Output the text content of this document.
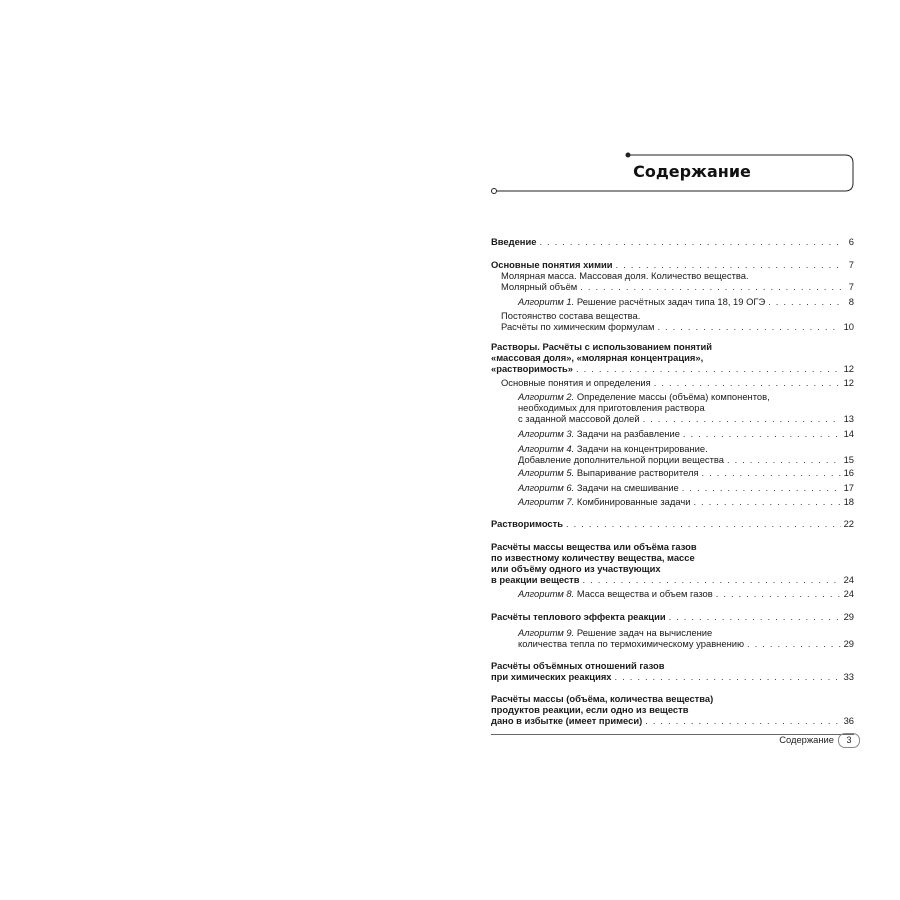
Содержание
Введение . . .	6
Основные понятия химии . . .	7
Молярная масса. Массовая доля. Количество вещества.
Молярный объём . . .	7
Алгоритм 1. Решение расчётных задач типа 18, 19 ОГЭ . . .	8
Постоянство состава вещества.
Расчёты по химическим формулам . . .	10
Растворы. Расчёты с использованием понятий
«массовая доля», «молярная концентрация»,
«растворимость» . . .	12
Основные понятия и определения . . .	12
Алгоритм 2. Определение массы (объёма) компонентов,
необходимых для приготовления раствора
с заданной массовой долей . . .	13
Алгоритм 3. Задачи на разбавление . . .	14
Алгоритм 4. Задачи на концентрирование.
Добавление дополнительной порции вещества . . .	15
Алгоритм 5. Выпаривание растворителя . . .	16
Алгоритм 6. Задачи на смешивание . . .	17
Алгоритм 7. Комбинированные задачи . . .	18
Растворимость . . .	22
Расчёты массы вещества или объёма газов
по известному количеству вещества, массе
или объёму одного из участвующих
в реакции веществ . . .	24
Алгоритм 8. Масса вещества и объем газов . . .	24
Расчёты теплового эффекта реакции . . .	29
Алгоритм 9. Решение задач на вычисление
количества тепла по термохимическому уравнению . . .	29
Расчёты объёмных отношений газов
при химических реакциях . . .	33
Расчёты массы (объёма, количества вещества)
продуктов реакции, если одно из веществ
дано в избытке (имеет примеси) . . .	36
Содержание	3
